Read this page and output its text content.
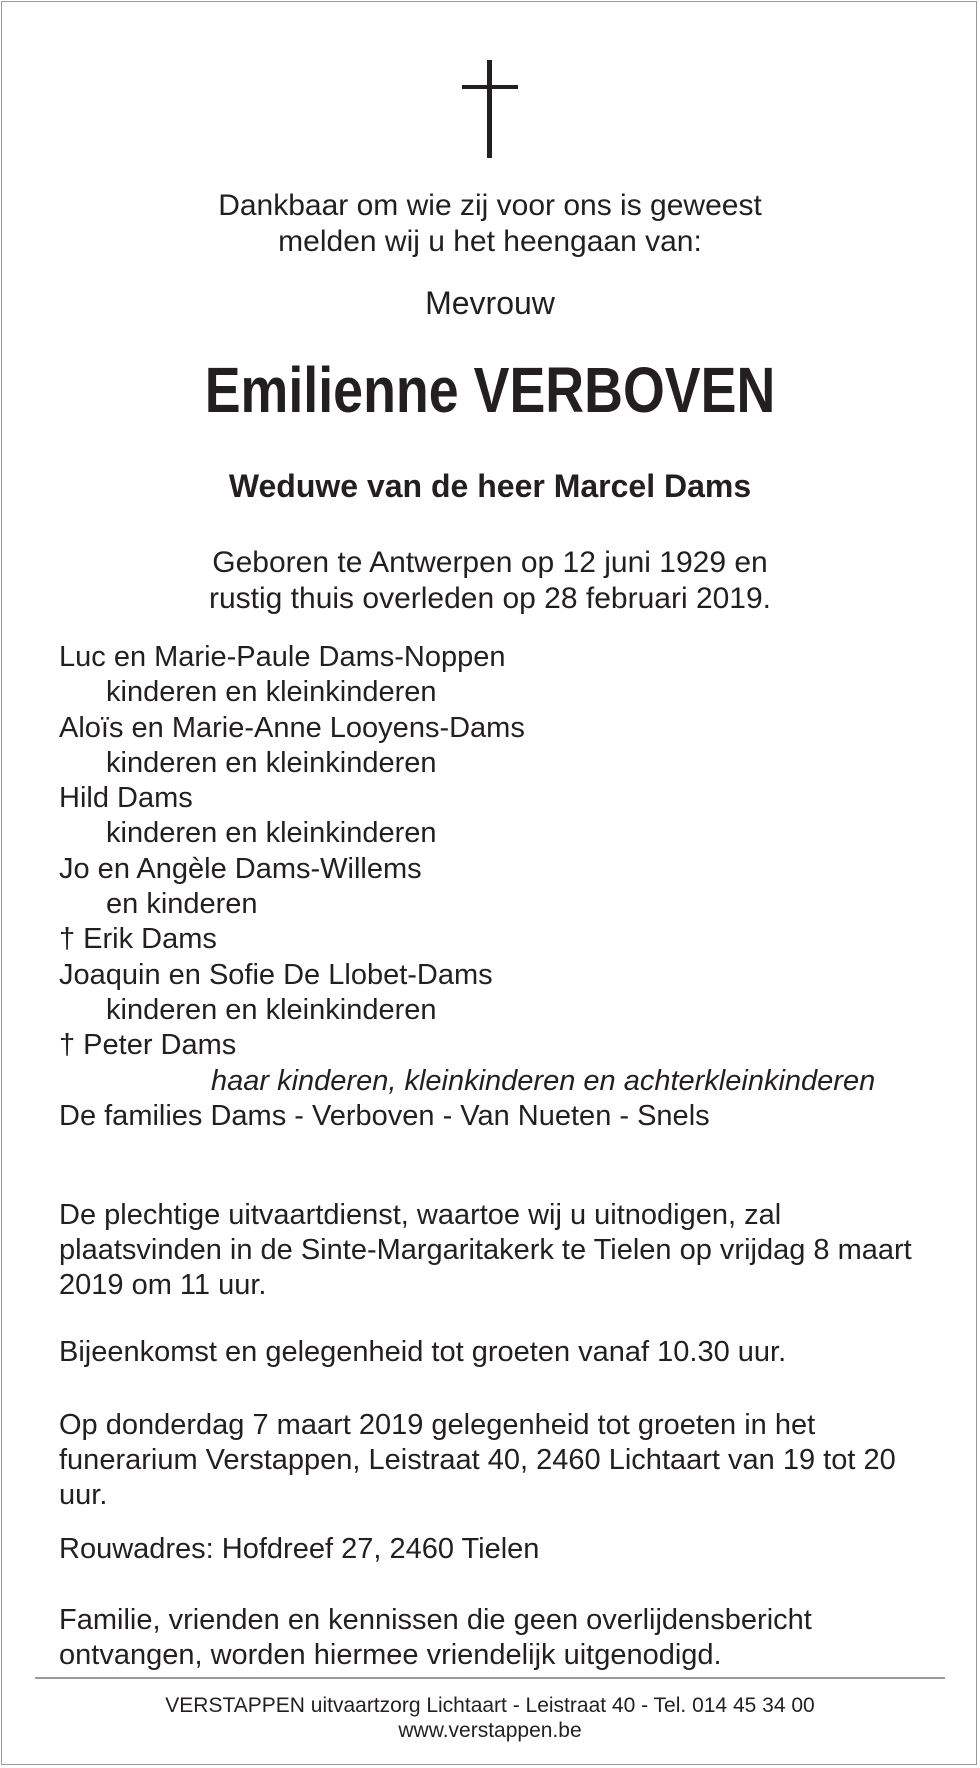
Dankbaar om wie zij voor ons is geweest
melden wij u het heengaan van:
Mevrouw
Emilienne VERBOVEN
Weduwe van de heer Marcel Dams
Geboren te Antwerpen op 12 juni 1929 en
rustig thuis overleden op 28 februari 2019.
Luc en Marie-Paule Dams-Noppen
kinderen en kleinkinderen
Aloïs en Marie-Anne Looyens-Dams
kinderen en kleinkinderen
Hild Dams
kinderen en kleinkinderen
Jo en Angèle Dams-Willems
en kinderen
† Erik Dams
Joaquin en Sofie De Llobet-Dams
kinderen en kleinkinderen
† Peter Dams
haar kinderen, kleinkinderen en achterkleinkinderen
De families Dams - Verboven - Van Nueten - Snels
De plechtige uitvaartdienst, waartoe wij u uitnodigen, zal plaatsvinden in de Sinte-Margaritakerk te Tielen op vrijdag 8 maart 2019 om 11 uur.
Bijeenkomst en gelegenheid tot groeten vanaf 10.30 uur.
Op donderdag 7 maart 2019 gelegenheid tot groeten in het funerarium Verstappen, Leistraat 40, 2460 Lichtaart van 19 tot 20 uur.
Rouwadres: Hofdreef 27, 2460 Tielen
Familie, vrienden en kennissen die geen overlijdensbericht ontvangen, worden hiermee vriendelijk uitgenodigd.
VERSTAPPEN uitvaartzorg Lichtaart - Leistraat 40 - Tel. 014 45 34 00
www.verstappen.be
